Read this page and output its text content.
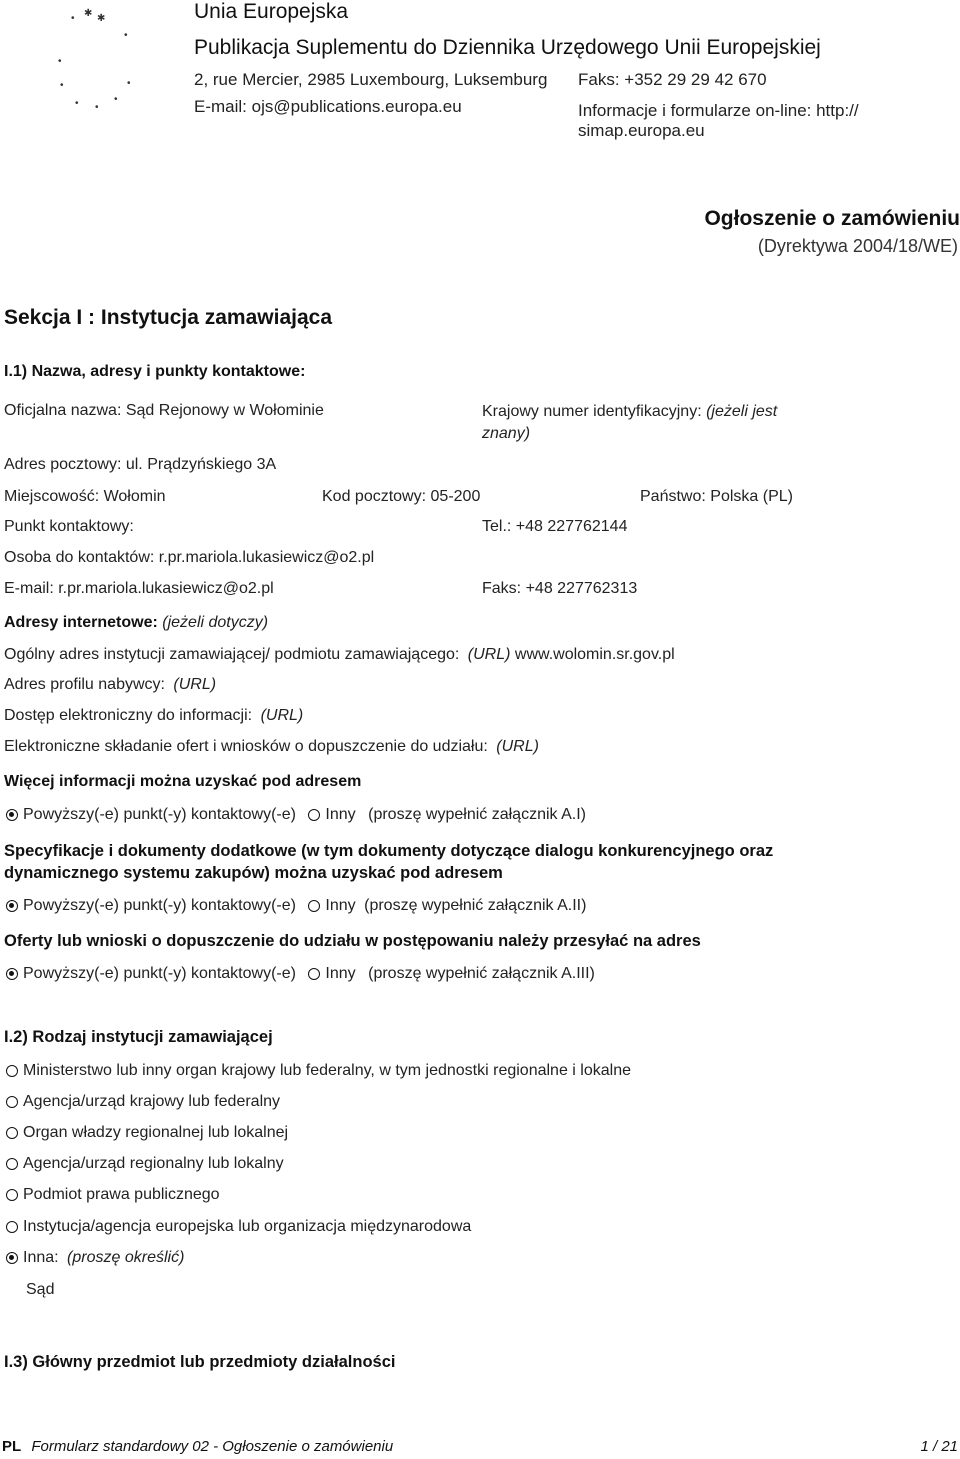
• ✱ ✱
•
•
•	•
• •
•
Unia Europejska
Publikacja Suplementu do Dziennika Urzędowego Unii Europejskiej
2, rue Mercier, 2985 Luxembourg, Luksemburg Faks: +352 29 29 42 670
E-mail: ojs@publications.europa.eu	Informacje i formularze on-line: http://
simap.europa.eu
Ogłoszenie o zamówieniu
(Dyrektywa 2004/18/WE)
Sekcja I : Instytucja zamawiająca
I.1) Nazwa, adresy i punkty kontaktowe:
Oficjalna nazwa: Sąd Rejonowy w Wołominie	Krajowy numer identyfikacyjny: (jeżeli jest
znany)
Adres pocztowy: ul. Prądzyńskiego 3A
Miejscowość: Wołomin	Kod pocztowy: 05-200	Państwo: Polska (PL)
Punkt kontaktowy:	Tel.: +48 227762144
Osoba do kontaktów: r.pr.mariola.lukasiewicz@o2.pl
E-mail: r.pr.mariola.lukasiewicz@o2.pl	Faks: +48 227762313
Adresy internetowe: (jeżeli dotyczy)
Ogólny adres instytucji zamawiającej/ podmiotu zamawiającego: (URL) www.wolomin.sr.gov.pl
Adres profilu nabywcy: (URL)
Dostęp elektroniczny do informacji: (URL)
Elektroniczne składanie ofert i wniosków o dopuszczenie do udziału: (URL)
Więcej informacji można uzyskać pod adresem
Powyższy(-e) punkt(-y) kontaktowy(-e) Inny (proszę wypełnić załącznik A.I)
Specyfikacje i dokumenty dodatkowe (w tym dokumenty dotyczące dialogu konkurencyjnego oraz
dynamicznego systemu zakupów) można uzyskać pod adresem
Powyższy(-e) punkt(-y) kontaktowy(-e) Inny (proszę wypełnić załącznik A.II)
Oferty lub wnioski o dopuszczenie do udziału w postępowaniu należy przesyłać na adres
Powyższy(-e) punkt(-y) kontaktowy(-e) Inny (proszę wypełnić załącznik A.III)
I.2) Rodzaj instytucji zamawiającej
Ministerstwo lub inny organ krajowy lub federalny, w tym jednostki regionalne i lokalne
Agencja/urząd krajowy lub federalny
Organ władzy regionalnej lub lokalnej
Agencja/urząd regionalny lub lokalny
Podmiot prawa publicznego
Instytucja/agencja europejska lub organizacja międzynarodowa
Inna: (proszę określić)
Sąd
I.3) Główny przedmiot lub przedmioty działalności
PL Formularz standardowy 02 - Ogłoszenie o zamówieniu	1 / 21
